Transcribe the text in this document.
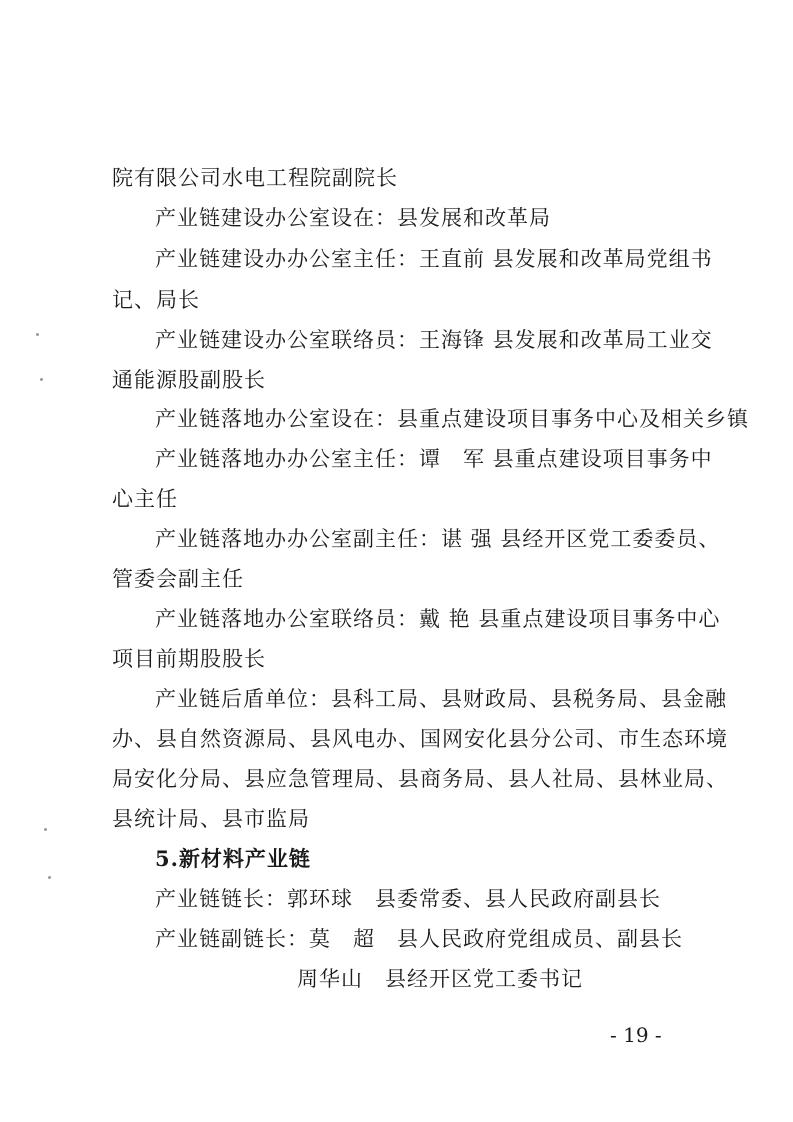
院有限公司水电工程院副院长
产业链建设办公室设在：县发展和改革局
产业链建设办办公室主任：王直前 县发展和改革局党组书
记、局长
产业链建设办公室联络员：王海锋 县发展和改革局工业交
通能源股副股长
产业链落地办公室设在：县重点建设项目事务中心及相关乡镇
产业链落地办办公室主任：谭　军 县重点建设项目事务中
心主任
产业链落地办办公室副主任：谌 强 县经开区党工委委员、
管委会副主任
产业链落地办公室联络员：戴 艳 县重点建设项目事务中心
项目前期股股长
产业链后盾单位：县科工局、县财政局、县税务局、县金融
办、县自然资源局、县风电办、国网安化县分公司、市生态环境
局安化分局、县应急管理局、县商务局、县人社局、县林业局、
县统计局、县市监局
5.新材料产业链
产业链链长：郭环球　县委常委、县人民政府副县长
产业链副链长：莫　超　县人民政府党组成员、副县长
周华山　县经开区党工委书记
- 19 -
